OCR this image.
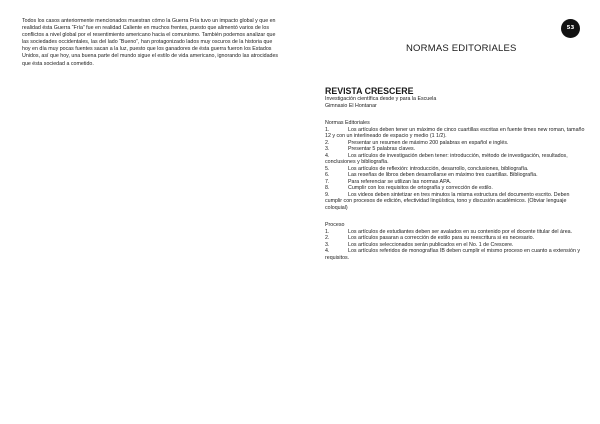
Todos los casos anteriormente mencionados muestran cómo la Guerra Fría tuvo un impacto global y que en realidad ésta Guerra “Fría” fue en realidad Caliente en muchos frentes, puesto que alimentó varios de los conflictos a nivel global por el resentimiento americano hacia el comunismo. También podemos analizar que las sociedades occidentales, las del lado “Bueno”, han protagonizado lados muy oscuros de la historia que hoy en día muy pocas fuentes sacan a la luz, puesto que los ganadores de ésta guerra fueron los Estados Unidos, así que hoy, una buena parte del mundo sigue el estilo de vida americano, ignorando las atrocidades que ésta sociedad a cometido.

53
NORMAS EDITORIALES
REVISTA CRESCERE

Investigación científica desde y para la Escuela

Gimnasio El Hontanar

Normas Editoriales

1.	Los artículos deben tener un máximo de cinco cuartillas escritas en fuente times new roman, tamaño 12 y con un interlineado de espacio y medio (1 1/2).
2.	Presentar un resumen de máximo 200 palabras en español e inglés.
3.	Presentar 5 palabras claves.
4.	Los artículos de investigación deben tener: introducción, método de investigación, resultados, conclusiones y bibliografía.
5.	Los artículos de reflexión: introducción, desarrollo, conclusiones, bibliografía.
6.	Las reseñas de libros deben desarrollarse en máximo tres cuartillas. Bibliografía.
7.	Para referenciar se utilizan las normas APA.
8.	Cumplir con los requisitos de ortografía y corrección de estilo.
9.	Los videos deben sintetizar en tres minutos la misma estructura del documento escrito. Deben cumplir con procesos de edición, efectividad lingüística, tono y discusión académicos. (Obviar lenguaje coloquial)

Proceso

1.	Los artículos de estudiantes deben ser avalados en su contenido por el docente titular del área.
2.	Los artículos pasaran a corrección de estilo para su reescritura si es necesario.
3.	Los artículos seleccionados serán publicados en el No. 1 de Crescere.
4.	Los artículos referidos de monografías IB deben cumplir el mismo proceso en cuanto a extensión y requisitos.
